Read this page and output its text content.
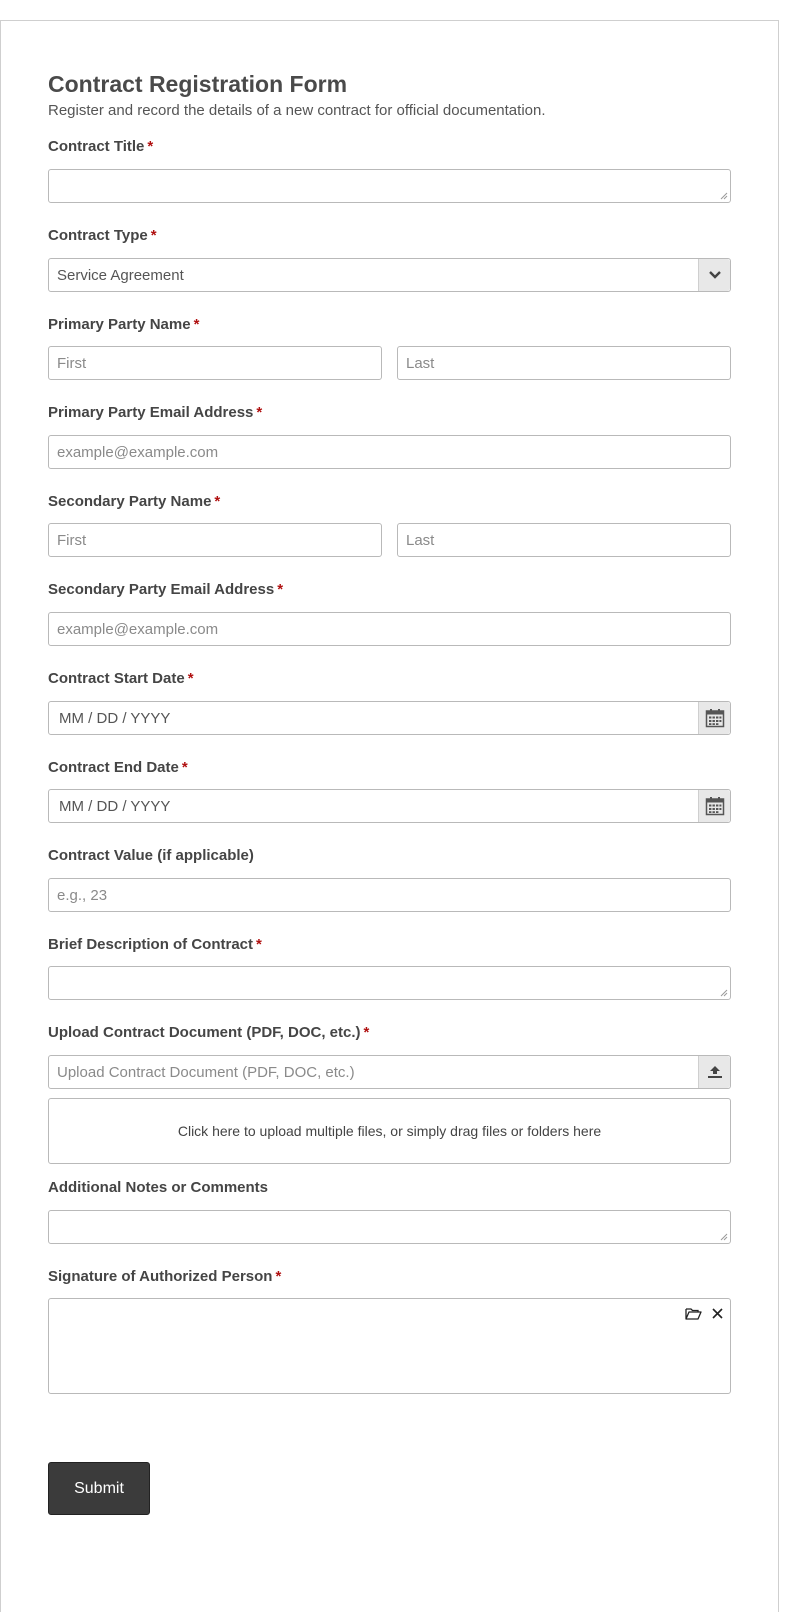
Contract Registration Form

Register and record the details of a new contract for official documentation.

Contract Title *
Contract Type *
Service Agreement
Primary Party Name *
First	Last
Primary Party Email Address *
example@example.com
Secondary Party Name *
First	Last
Secondary Party Email Address *
example@example.com
Contract Start Date *
MM / DD / YYYY
Contract End Date *
MM / DD / YYYY
Contract Value (if applicable)
e.g., 23
Brief Description of Contract *
Upload Contract Document (PDF, DOC, etc.) *
Upload Contract Document (PDF, DOC, etc.)
Click here to upload multiple files, or simply drag files or folders here
Additional Notes or Comments
Signature of Authorized Person *
Submit
